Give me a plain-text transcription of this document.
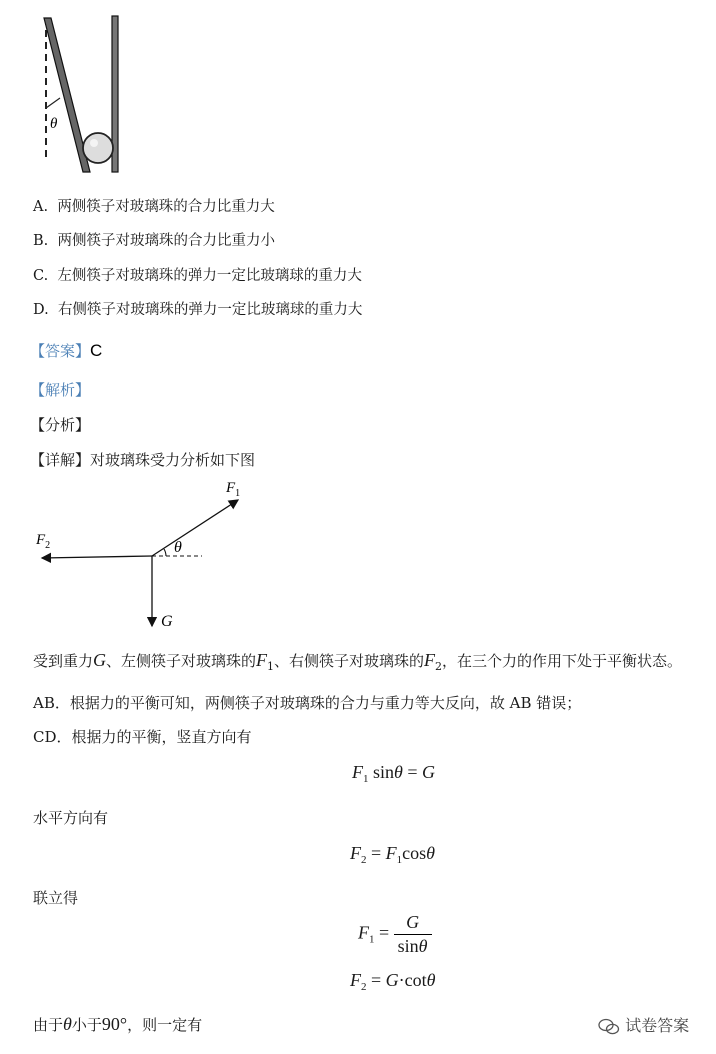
θ
A. 两侧筷子对玻璃珠的合力比重力大
B. 两侧筷子对玻璃珠的合力比重力小
C. 左侧筷子对玻璃珠的弹力一定比玻璃球的重力大
D. 右侧筷子对玻璃珠的弹力一定比玻璃球的重力大
【答案】C
【解析】
【分析】
【详解】对玻璃珠受力分析如下图
$F_1$
$F_2$
G
θ
受到重力G、左侧筷子对玻璃珠的$F_1$、右侧筷子对玻璃珠的$F_2$，在三个力的作用下处于平衡状态。
AB．根据力的平衡可知，两侧筷子对玻璃珠的合力与重力等大反向，故 AB 错误；
CD．根据力的平衡，竖直方向有
$F_1$ sinθ = G
水平方向有
$F_2 = F_1\cos\theta$
联立得
$F_1 = \frac{G}{\sin\theta}$
$F_2 = G\cdot\cot\theta$
由于θ小于90°，则一定有	试卷答案
